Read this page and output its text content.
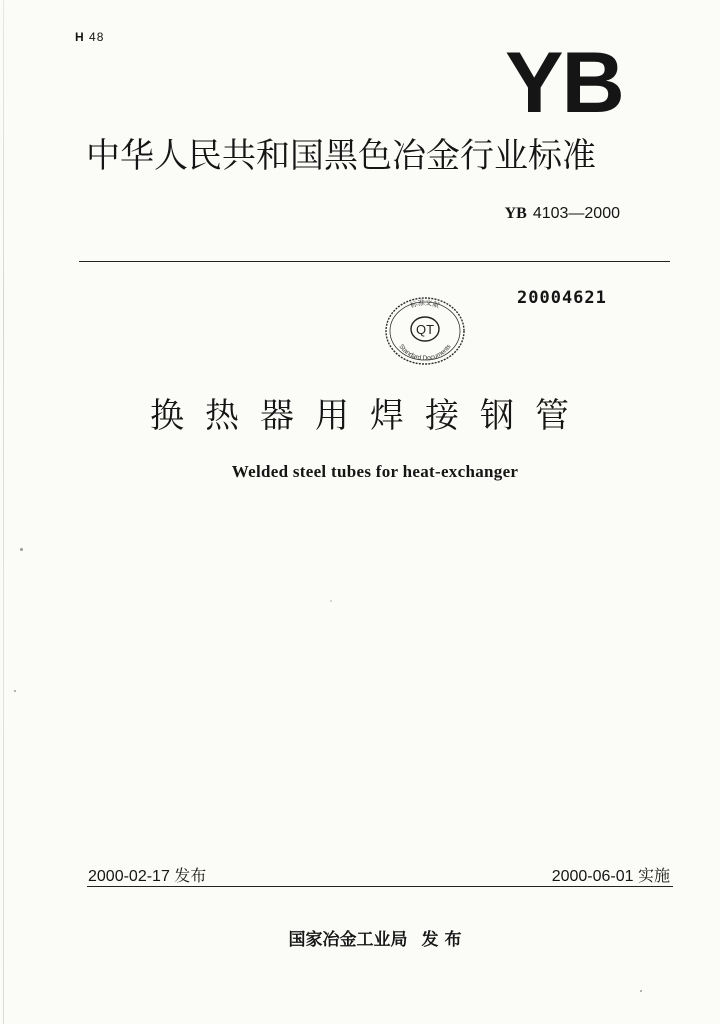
H 48	YB
中华人民共和国黑色冶金行业标准
YB 4103—2000
20004621
QT
标准文献
Standard Documents
换热器用焊接钢管
Welded steel tubes for heat-exchanger
2000-02-17 发布	2000-06-01 实施
国家冶金工业局 发 布
